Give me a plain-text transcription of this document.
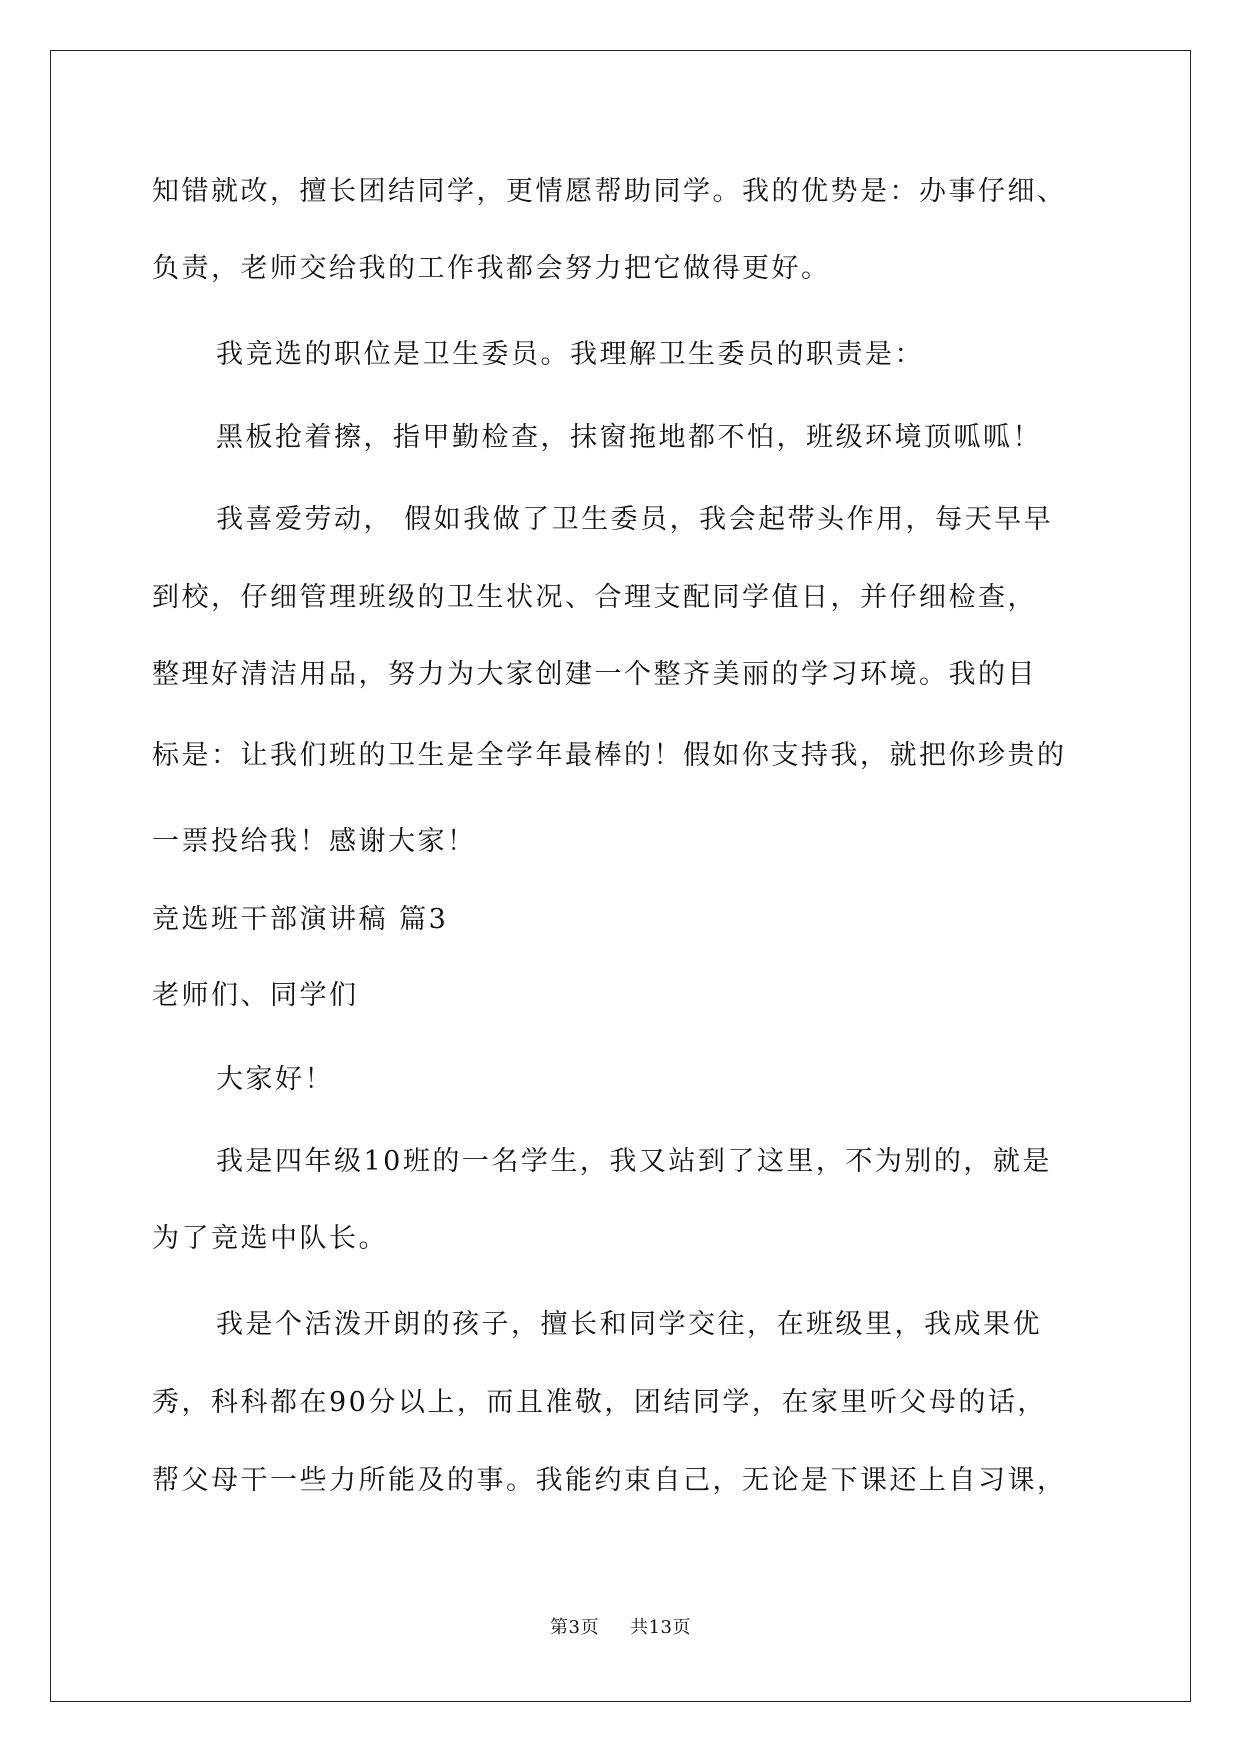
知错就改，擅长团结同学，更情愿帮助同学。我的优势是：办事仔细、
负责，老师交给我的工作我都会努力把它做得更好。
我竞选的职位是卫生委员。我理解卫生委员的职责是：
黑板抢着擦，指甲勤检查，抹窗拖地都不怕，班级环境顶呱呱！
我喜爱劳动， 假如我做了卫生委员，我会起带头作用，每天早早
到校，仔细管理班级的卫生状况、合理支配同学值日，并仔细检查，
整理好清洁用品，努力为大家创建一个整齐美丽的学习环境。我的目
标是：让我们班的卫生是全学年最棒的！假如你支持我，就把你珍贵的
一票投给我！感谢大家！
竞选班干部演讲稿 篇3
老师们、同学们
大家好！
我是四年级10班的一名学生，我又站到了这里，不为别的，就是
为了竞选中队长。
我是个活泼开朗的孩子，擅长和同学交往，在班级里，我成果优
秀，科科都在90分以上，而且准敬，团结同学，在家里听父母的话，
帮父母干一些力所能及的事。我能约束自己，无论是下课还上自习课，
第3页 共13页
